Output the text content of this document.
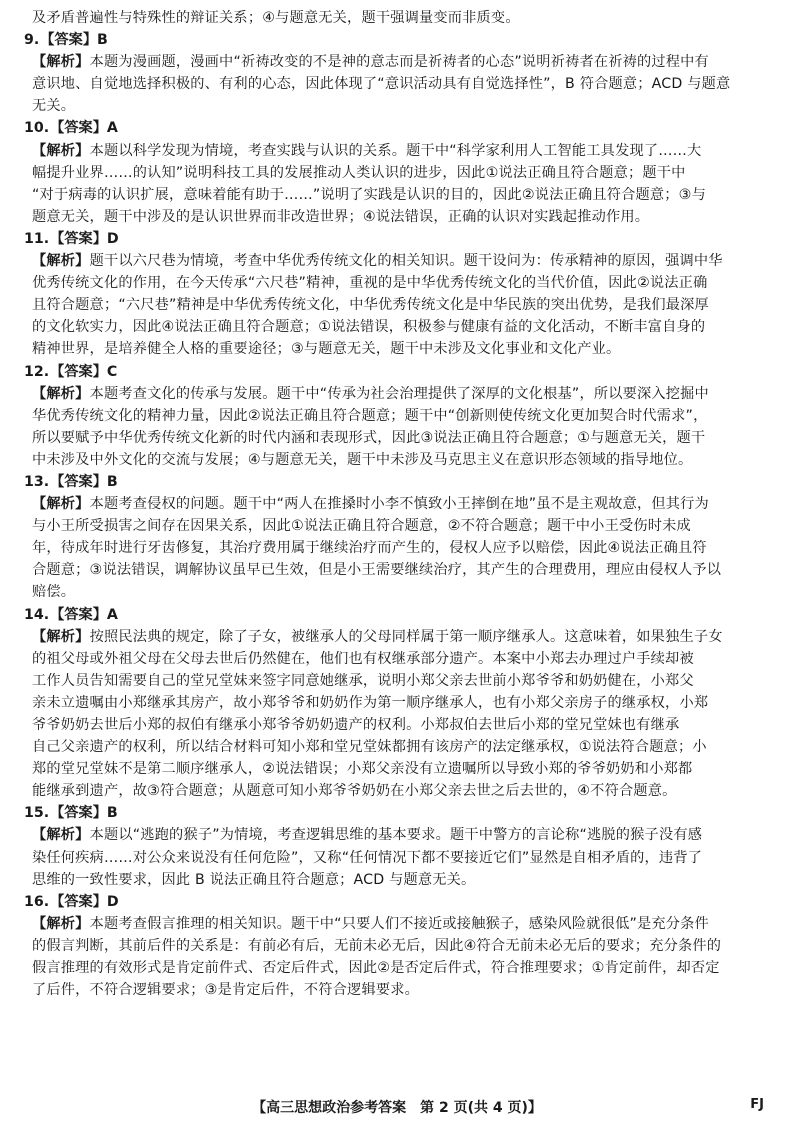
及矛盾普遍性与特殊性的辩证关系；④与题意无关，题干强调量变而非质变。
9.【答案】B
【解析】本题为漫画题，漫画中“祈祷改变的不是神的意志而是祈祷者的心态”说明祈祷者在祈祷的过程中有
意识地、自觉地选择积极的、有利的心态，因此体现了“意识活动具有自觉选择性”，B 符合题意；ACD 与题意
无关。
10.【答案】A
【解析】本题以科学发现为情境，考查实践与认识的关系。题干中“科学家利用人工智能工具发现了……大
幅提升业界……的认知”说明科技工具的发展推动人类认识的进步，因此①说法正确且符合题意；题干中
“对于病毒的认识扩展，意味着能有助于……”说明了实践是认识的目的，因此②说法正确且符合题意；③与
题意无关，题干中涉及的是认识世界而非改造世界；④说法错误，正确的认识对实践起推动作用。
11.【答案】D
【解析】题干以六尺巷为情境，考查中华优秀传统文化的相关知识。题干设问为：传承精神的原因，强调中华
优秀传统文化的作用，在今天传承“六尺巷”精神，重视的是中华优秀传统文化的当代价值，因此②说法正确
且符合题意；“六尺巷”精神是中华优秀传统文化，中华优秀传统文化是中华民族的突出优势，是我们最深厚
的文化软实力，因此④说法正确且符合题意；①说法错误，积极参与健康有益的文化活动，不断丰富自身的
精神世界，是培养健全人格的重要途径；③与题意无关，题干中未涉及文化事业和文化产业。
12.【答案】C
【解析】本题考查文化的传承与发展。题干中“传承为社会治理提供了深厚的文化根基”，所以要深入挖掘中
华优秀传统文化的精神力量，因此②说法正确且符合题意；题干中“创新则使传统文化更加契合时代需求”，
所以要赋予中华优秀传统文化新的时代内涵和表现形式，因此③说法正确且符合题意；①与题意无关，题干
中未涉及中外文化的交流与发展；④与题意无关，题干中未涉及马克思主义在意识形态领域的指导地位。
13.【答案】B
【解析】本题考查侵权的问题。题干中“两人在推搡时小李不慎致小王摔倒在地”虽不是主观故意，但其行为
与小王所受损害之间存在因果关系，因此①说法正确且符合题意，②不符合题意；题干中小王受伤时未成
年，待成年时进行牙齿修复，其治疗费用属于继续治疗而产生的，侵权人应予以赔偿，因此④说法正确且符
合题意；③说法错误，调解协议虽早已生效，但是小王需要继续治疗，其产生的合理费用，理应由侵权人予以
赔偿。
14.【答案】A
【解析】按照民法典的规定，除了子女，被继承人的父母同样属于第一顺序继承人。这意味着，如果独生子女
的祖父母或外祖父母在父母去世后仍然健在，他们也有权继承部分遗产。本案中小郑去办理过户手续却被
工作人员告知需要自己的堂兄堂妹来签字同意她继承，说明小郑父亲去世前小郑爷爷和奶奶健在，小郑父
亲未立遗嘱由小郑继承其房产，故小郑爷爷和奶奶作为第一顺序继承人，也有小郑父亲房子的继承权，小郑
爷爷奶奶去世后小郑的叔伯有继承小郑爷爷奶奶遗产的权利。小郑叔伯去世后小郑的堂兄堂妹也有继承
自己父亲遗产的权利，所以结合材料可知小郑和堂兄堂妹都拥有该房产的法定继承权，①说法符合题意；小
郑的堂兄堂妹不是第二顺序继承人，②说法错误；小郑父亲没有立遗嘱所以导致小郑的爷爷奶奶和小郑都
能继承到遗产，故③符合题意；从题意可知小郑爷爷奶奶在小郑父亲去世之后去世的，④不符合题意。
15.【答案】B
【解析】本题以“逃跑的猴子”为情境，考查逻辑思维的基本要求。题干中警方的言论称“逃脱的猴子没有感
染任何疾病……对公众来说没有任何危险”，又称“任何情况下都不要接近它们”显然是自相矛盾的，违背了
思维的一致性要求，因此 B 说法正确且符合题意；ACD 与题意无关。
16.【答案】D
【解析】本题考查假言推理的相关知识。题干中“只要人们不接近或接触猴子，感染风险就很低”是充分条件
的假言判断，其前后件的关系是：有前必有后，无前未必无后，因此④符合无前未必无后的要求；充分条件的
假言推理的有效形式是肯定前件式、否定后件式，因此②是否定后件式，符合推理要求；①肯定前件，却否定
了后件，不符合逻辑要求；③是肯定后件，不符合逻辑要求。
【高三思想政治参考答案　第 2 页(共 4 页)】	FJ
